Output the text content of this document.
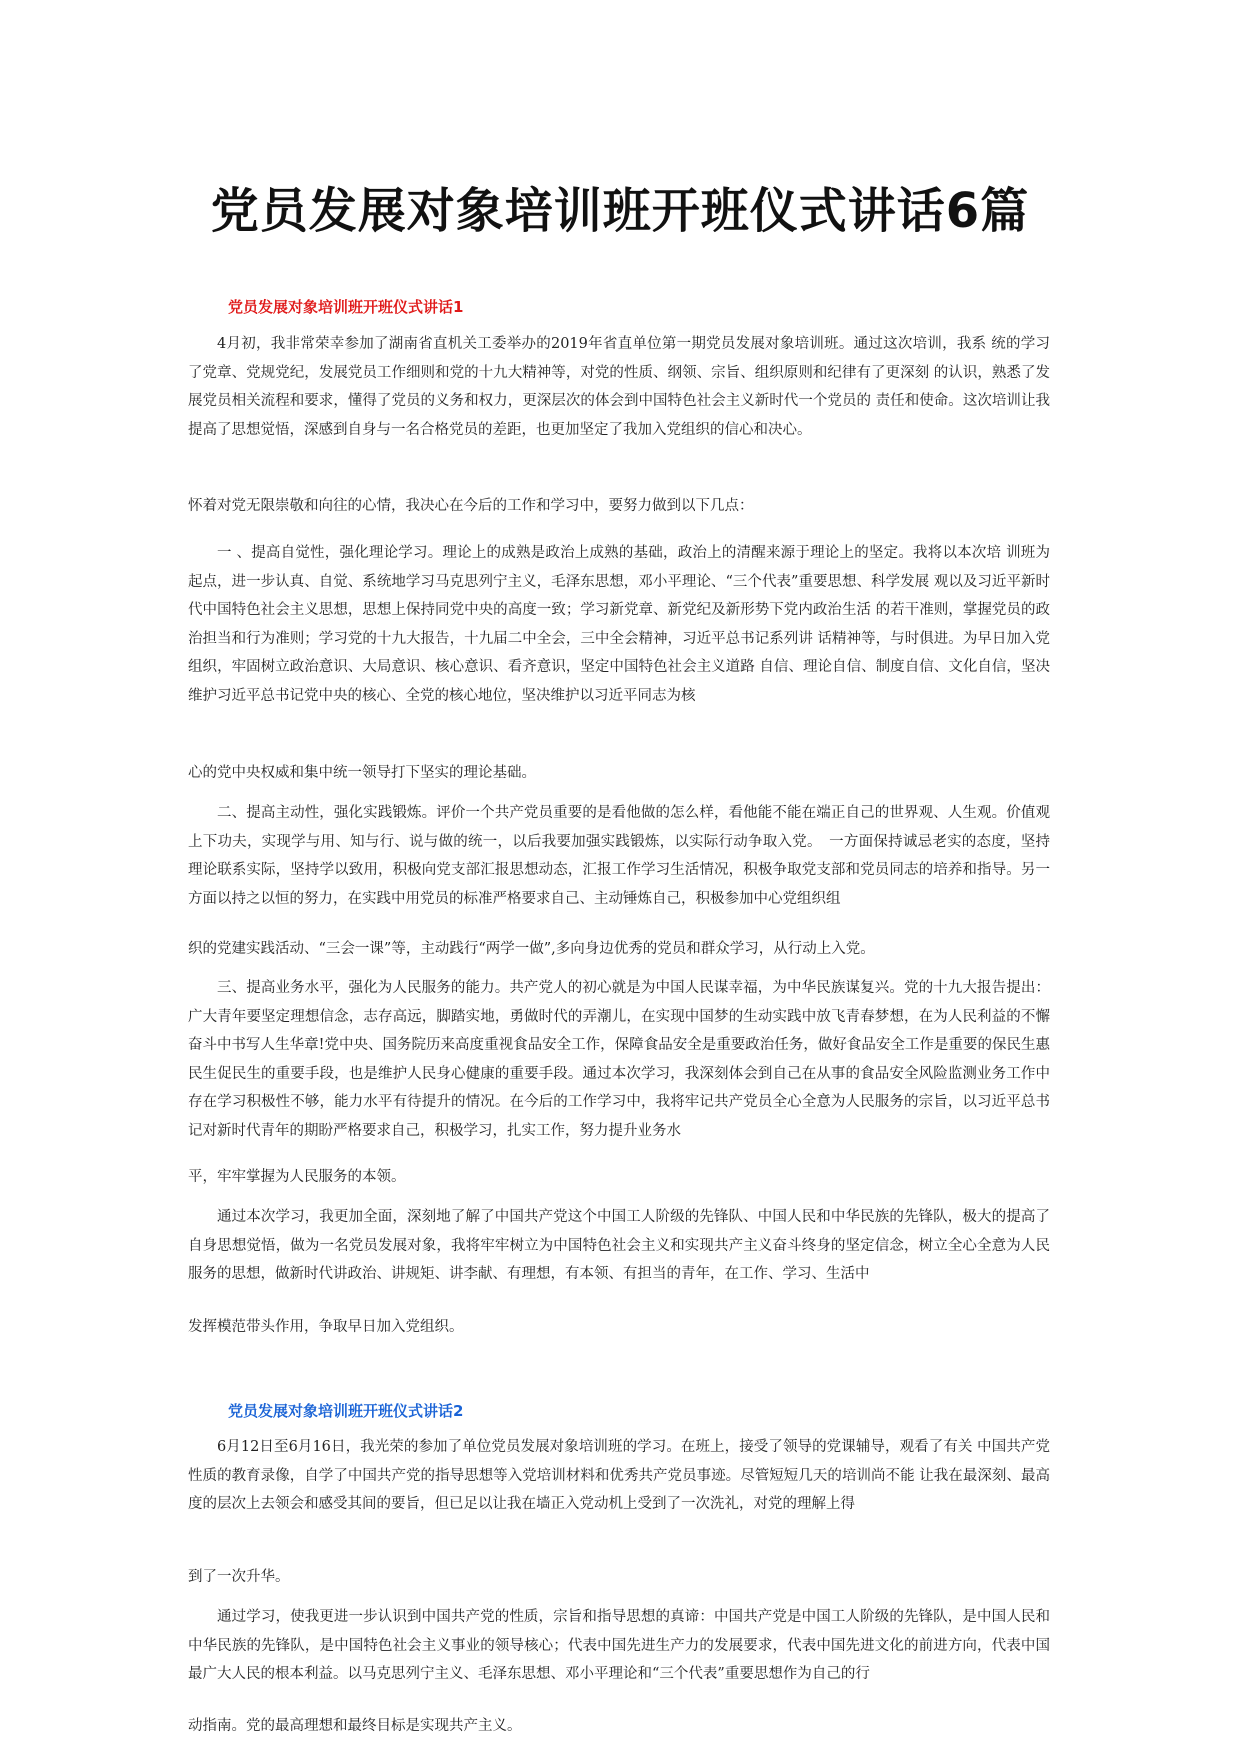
党员发展对象培训班开班仪式讲话6篇
党员发展对象培训班开班仪式讲话1

4月初，我非常荣幸参加了湖南省直机关工委举办的2019年省直单位第一期党员发展对象培训班。通过这次培训，我系 统的学习了党章、党规党纪，发展党员工作细则和党的十九大精神等，对党的性质、纲领、宗旨、组织原则和纪律有了更深刻 的认识，熟悉了发展党员相关流程和要求，懂得了党员的义务和权力，更深层次的体会到中国特色社会主义新时代一个党员的 责任和使命。这次培训让我提高了思想觉悟，深感到自身与一名合格党员的差距，也更加坚定了我加入党组织的信心和决心。

怀着对党无限崇敬和向往的心情，我决心在今后的工作和学习中，要努力做到以下几点：

一 、提高自觉性，强化理论学习。理论上的成熟是政治上成熟的基础，政治上的清醒来源于理论上的坚定。我将以本次培 训班为起点，进一步认真、自觉、系统地学习马克思列宁主义，毛泽东思想，邓小平理论、“三个代表”重要思想、科学发展 观以及习近平新时代中国特色社会主义思想，思想上保持同党中央的高度一致；学习新党章、新党纪及新形势下党内政治生活 的若干准则，掌握党员的政治担当和行为准则；学习党的十九大报告，十九届二中全会，三中全会精神，习近平总书记系列讲 话精神等，与时俱进。为早日加入党组织，牢固树立政治意识、大局意识、核心意识、看齐意识，坚定中国特色社会主义道路 自信、理论自信、制度自信、文化自信，坚决维护习近平总书记党中央的核心、全党的核心地位，坚决维护以习近平同志为核

心的党中央权威和集中统一领导打下坚实的理论基础。

二、提高主动性，强化实践锻炼。评价一个共产党员重要的是看他做的怎么样，看他能不能在端正自己的世界观、人生观。价值观上下功夫，实现学与用、知与行、说与做的统一，以后我要加强实践锻炼，以实际行动争取入党。　一方面保持诚忌老实的态度，坚持理论联系实际，坚持学以致用，积极向党支部汇报思想动态，汇报工作学习生活情况，积极争取党支部和党员同志的培养和指导。另一方面以持之以恒的努力，在实践中用党员的标准严格要求自己、主动锤炼自己，积极参加中心党组织组

织的党建实践活动、“三会一课”等，主动践行“两学一做”,多向身边优秀的党员和群众学习，从行动上入党。

三、提高业务水平，强化为人民服务的能力。共产党人的初心就是为中国人民谋幸福，为中华民族谋复兴。党的十九大报告提出：广大青年要坚定理想信念，志存高远，脚踏实地，勇做时代的弄潮儿，在实现中国梦的生动实践中放飞青春梦想，在为人民利益的不懈奋斗中书写人生华章!党中央、国务院历来高度重视食品安全工作，保障食品安全是重要政治任务，做好食品安全工作是重要的保民生惠民生促民生的重要手段，也是维护人民身心健康的重要手段。通过本次学习，我深刻体会到自己在从事的食品安全风险监测业务工作中存在学习积极性不够，能力水平有待提升的情况。在今后的工作学习中，我将牢记共产党员全心全意为人民服务的宗旨，以习近平总书记对新时代青年的期盼严格要求自己，积极学习，扎实工作，努力提升业务水

平，牢牢掌握为人民服务的本领。

通过本次学习，我更加全面，深刻地了解了中国共产党这个中国工人阶级的先锋队、中国人民和中华民族的先锋队，极大的提高了自身思想觉悟，做为一名党员发展对象，我将牢牢树立为中国特色社会主义和实现共产主义奋斗终身的坚定信念，树立全心全意为人民服务的思想，做新时代讲政治、讲规矩、讲李献、有理想，有本领、有担当的青年，在工作、学习、生活中

发挥模范带头作用，争取早日加入党组织。

党员发展对象培训班开班仪式讲话2

6月12日至6月16日，我光荣的参加了单位党员发展对象培训班的学习。在班上，接受了领导的党课辅导，观看了有关 中国共产党性质的教育录像，自学了中国共产党的指导思想等入党培训材料和优秀共产党员事迹。尽管短短几天的培训尚不能 让我在最深刻、最高度的层次上去领会和感受其间的要旨，但已足以让我在墙正入党动机上受到了一次洗礼，对党的理解上得

到了一次升华。

通过学习，使我更进一步认识到中国共产党的性质，宗旨和指导思想的真谛：中国共产党是中国工人阶级的先锋队，是中国人民和中华民族的先锋队，是中国特色社会主义事业的领导核心；代表中国先进生产力的发展要求，代表中国先进文化的前进方向，代表中国最广大人民的根本利益。以马克思列宁主义、毛泽东思想、邓小平理论和“三个代表”重要思想作为自己的行

动指南。党的最高理想和最终目标是实现共产主义。
